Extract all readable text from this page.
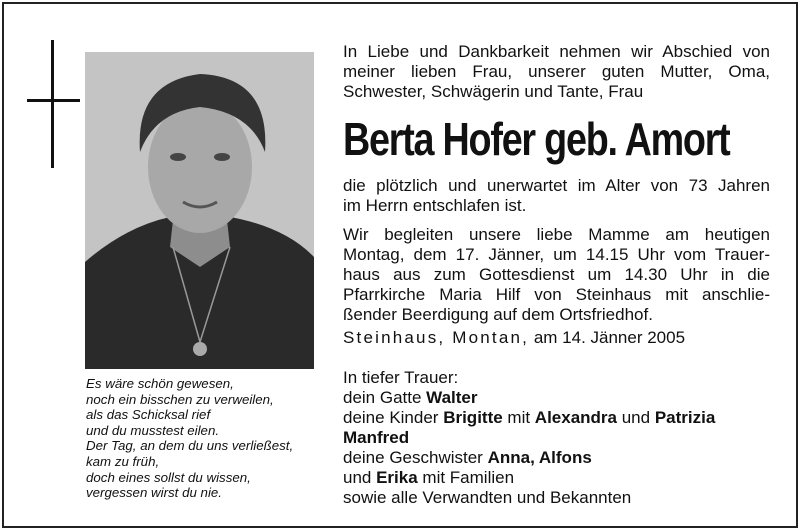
Es wäre schön gewesen,
noch ein bisschen zu verweilen,
als das Schicksal rief
und du musstest eilen.
Der Tag, an dem du uns verließest,
kam zu früh,
doch eines sollst du wissen,
vergessen wirst du nie.
In Liebe und Dankbarkeit nehmen wir Abschied von
meiner lieben Frau, unserer guten Mutter, Oma,
Schwester, Schwägerin und Tante, Frau
Berta Hofer geb. Amort
die plötzlich und unerwartet im Alter von 73 Jahren
im Herrn entschlafen ist.
Wir begleiten unsere liebe Mamme am heutigen
Montag, dem 17. Jänner, um 14.15 Uhr vom Trauer-
haus aus zum Gottesdienst um 14.30 Uhr in die
Pfarrkirche Maria Hilf von Steinhaus mit anschlie-
ßender Beerdigung auf dem Ortsfriedhof.
Steinhaus, Montan, am 14. Jänner 2005
In tiefer Trauer:
dein Gatte Walter
deine Kinder Brigitte mit Alexandra und Patrizia
Manfred
deine Geschwister Anna, Alfons
und Erika mit Familien
sowie alle Verwandten und Bekannten
